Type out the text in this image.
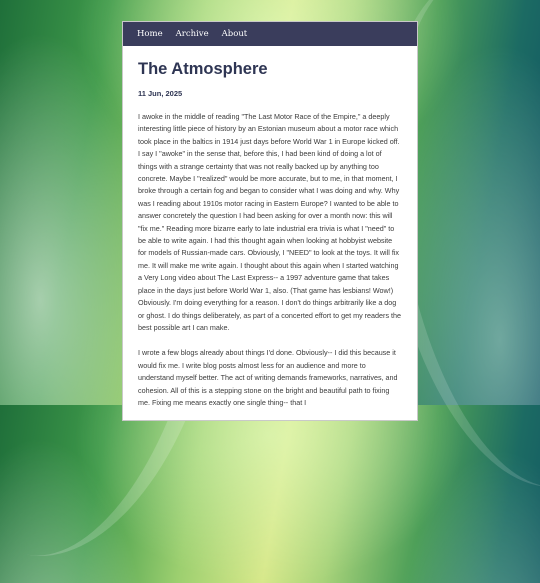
Home Archive About
The Atmosphere
11 Jun, 2025

I awoke in the middle of reading "The Last Motor Race of the Empire," a deeply interesting little piece of history by an Estonian museum about a motor race which took place in the baltics in 1914 just days before World War 1 in Europe kicked off. I say I "awoke" in the sense that, before this, I had been kind of doing a lot of things with a strange certainty that was not really backed up by anything too concrete. Maybe I "realized" would be more accurate, but to me, in that moment, I broke through a certain fog and began to consider what I was doing and why. Why was I reading about 1910s motor racing in Eastern Europe? I wanted to be able to answer concretely the question I had been asking for over a month now: this will "fix me." Reading more bizarre early to late industrial era trivia is what I "need" to be able to write again. I had this thought again when looking at hobbyist website for models of Russian-made cars. Obviously, I "NEED" to look at the toys. It will fix me. It will make me write again. I thought about this again when I started watching a Very Long video about The Last Express-- a 1997 adventure game that takes place in the days just before World War 1, also. (That game has lesbians! Wow!) Obviously. I'm doing everything for a reason. I don't do things arbitrarily like a dog or ghost. I do things deliberately, as part of a concerted effort to get my readers the best possible art I can make.

I wrote a few blogs already about things I'd done. Obviously-- I did this because it would fix me. I write blog posts almost less for an audience and more to understand myself better. The act of writing demands frameworks, narratives, and cohesion. All of this is a stepping stone on the bright and beautiful path to fixing me. Fixing me means exactly one single thing-- that I
